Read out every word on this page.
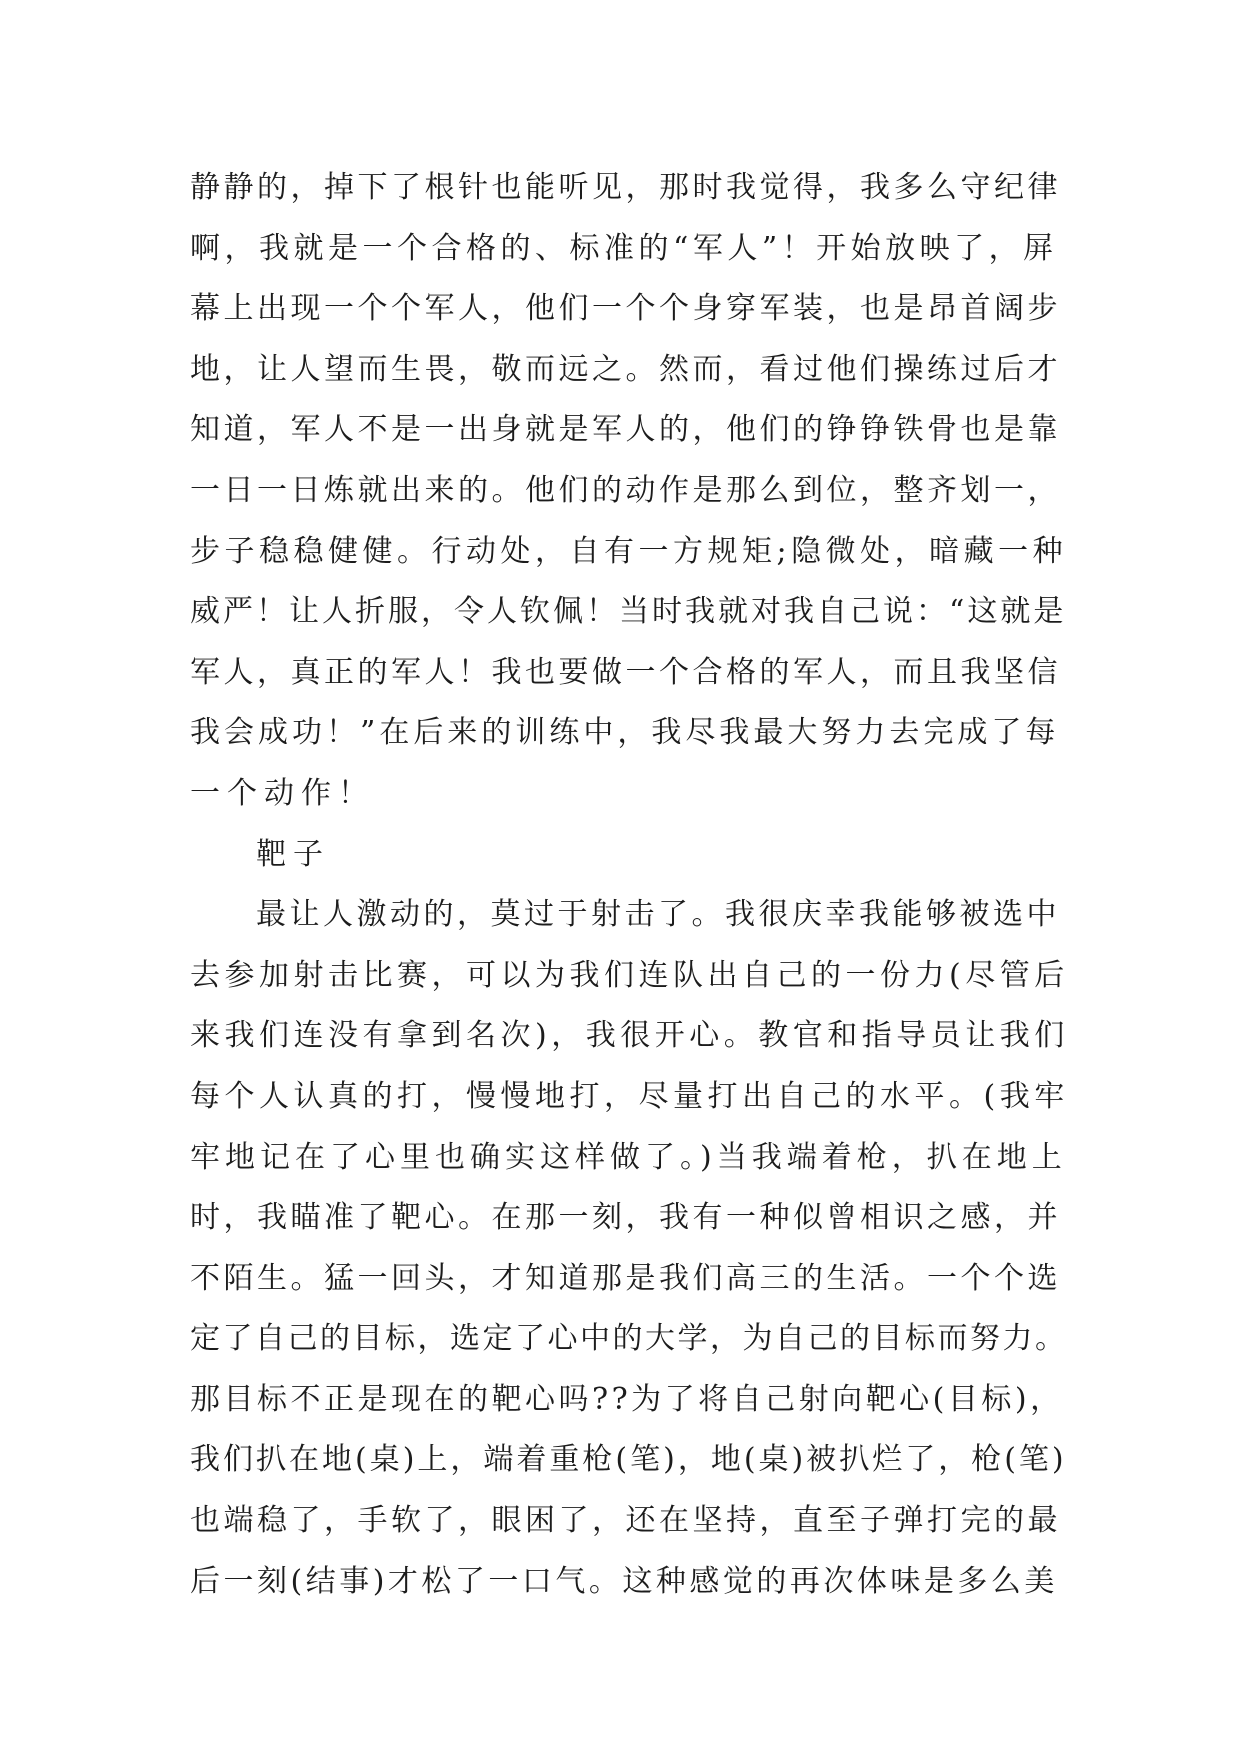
静静的，掉下了根针也能听见，那时我觉得，我多么守纪律
啊，我就是一个合格的、标准的“军人”！开始放映了，屏
幕上出现一个个军人，他们一个个身穿军装，也是昂首阔步
地，让人望而生畏，敬而远之。然而，看过他们操练过后才
知道，军人不是一出身就是军人的，他们的铮铮铁骨也是靠
一日一日炼就出来的。他们的动作是那么到位，整齐划一，
步子稳稳健健。行动处，自有一方规矩;隐微处，暗藏一种
威严！让人折服，令人钦佩！当时我就对我自己说：“这就是
军人，真正的军人！我也要做一个合格的军人，而且我坚信
我会成功！”在后来的训练中，我尽我最大努力去完成了每
一个动作！
靶子
最让人激动的，莫过于射击了。我很庆幸我能够被选中
去参加射击比赛，可以为我们连队出自己的一份力(尽管后
来我们连没有拿到名次)，我很开心。教官和指导员让我们
每个人认真的打，慢慢地打，尽量打出自己的水平。(我牢
牢地记在了心里也确实这样做了。)当我端着枪，扒在地上
时，我瞄准了靶心。在那一刻，我有一种似曾相识之感，并
不陌生。猛一回头，才知道那是我们高三的生活。一个个选
定了自己的目标，选定了心中的大学，为自己的目标而努力。
那目标不正是现在的靶心吗??为了将自己射向靶心(目标)，
我们扒在地(桌)上，端着重枪(笔)，地(桌)被扒烂了，枪(笔)
也端稳了，手软了，眼困了，还在坚持，直至子弹打完的最
后一刻(结事)才松了一口气。这种感觉的再次体味是多么美
